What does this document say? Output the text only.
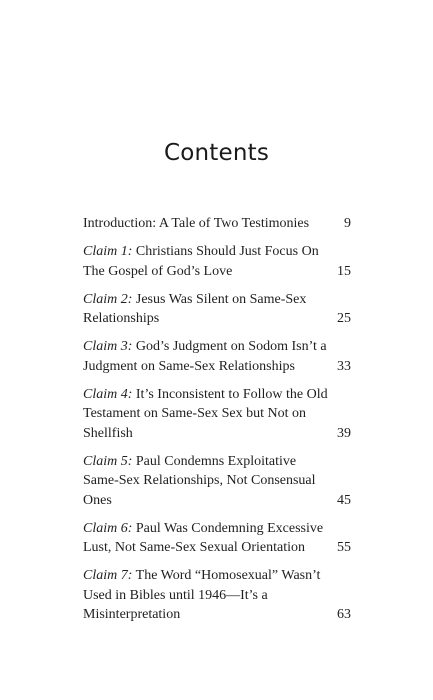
Contents
Introduction: A Tale of Two Testimonies	9
Claim 1: Christians Should Just Focus On The Gospel of God’s Love	15
Claim 2: Jesus Was Silent on Same-Sex Relationships	25
Claim 3: God’s Judgment on Sodom Isn’t a Judgment on Same-Sex Relationships	33
Claim 4: It’s Inconsistent to Follow the Old Testament on Same-Sex Sex but Not on Shellfish	39
Claim 5: Paul Condemns Exploitative Same-Sex Relationships, Not Consensual Ones	45
Claim 6: Paul Was Condemning Excessive Lust, Not Same-Sex Sexual Orientation	55
Claim 7: The Word “Homosexual” Wasn’t Used in Bibles until 1946—It’s a Misinterpretation	63
